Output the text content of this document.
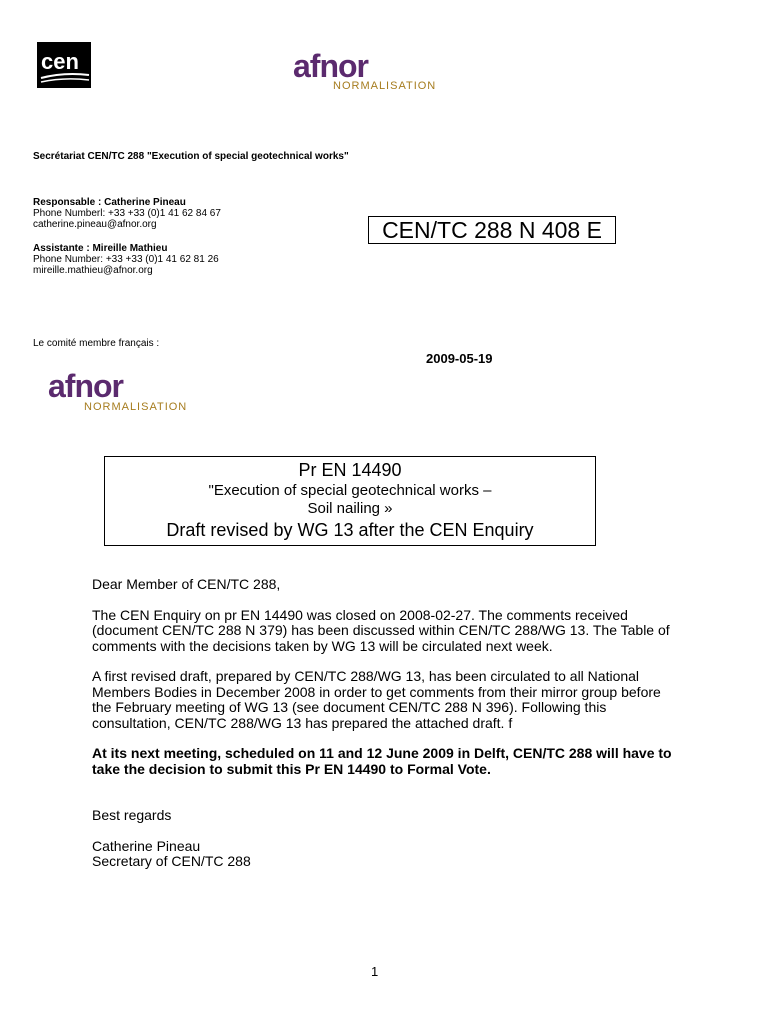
cen	afnor
NORMALISATION
Secrétariat CEN/TC 288 "Execution of special geotechnical works"
Responsable : Catherine Pineau
Phone Numberl: +33 +33 (0)1 41 62 84 67
catherine.pineau@afnor.org
Assistante : Mireille Mathieu
Phone Number: +33 +33 (0)1 41 62 81 26
mireille.mathieu@afnor.org
CEN/TC 288 N 408 E
Le comité membre français :
2009-05-19
afnor
NORMALISATION
Pr EN 14490
"Execution of special geotechnical works –
Soil nailing »
Draft revised by WG 13 after the CEN Enquiry

Dear Member of CEN/TC 288,

The CEN Enquiry on pr EN 14490 was closed on 2008-02-27. The comments received (document CEN/TC 288 N 379) has been discussed within CEN/TC 288/WG 13. The Table of comments with the decisions taken by WG 13 will be circulated next week.

A first revised draft, prepared by CEN/TC 288/WG 13, has been circulated to all National Members Bodies in December 2008 in order to get comments from their mirror group before the February meeting of WG 13 (see document CEN/TC 288 N 396). Following this consultation, CEN/TC 288/WG 13 has prepared the attached draft. f

At its next meeting, scheduled on 11 and 12 June 2009 in Delft, CEN/TC 288 will have to take the decision to submit this Pr EN 14490 to Formal Vote.

Best regards

Catherine Pineau

Secretary of CEN/TC 288

1
